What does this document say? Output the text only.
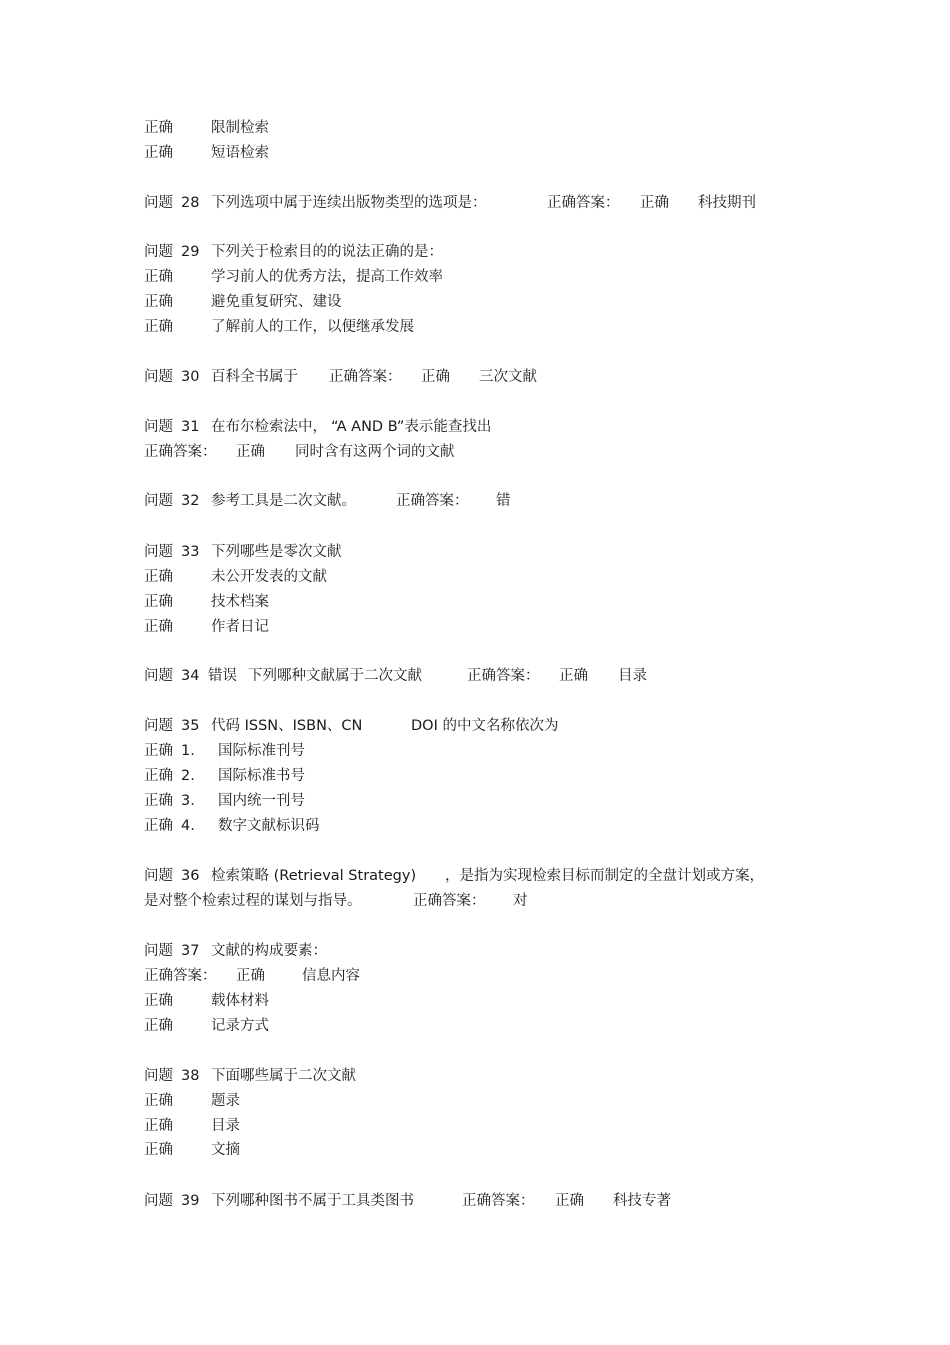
正确	限制检索
正确	短语检索
问题 28 下列选项中属于连续出版物类型的选项是：	正确答案： 正确 科技期刊
问题 29 下列关于检索目的的说法正确的是：
正确	学习前人的优秀方法，提高工作效率
正确	避免重复研究、建设
正确	了解前人的工作，以便继承发展
问题 30 百科全书属于 正确答案： 正确 三次文献
问题 31 在布尔检索法中， “A AND B”表示能查找出
正确答案： 正确 同时含有这两个词的文献
问题 32 参考工具是二次文献。	正确答案： 错
问题 33 下列哪些是零次文献
正确	未公开发表的文献
正确	技术档案
正确	作者日记
问题 34 错误 下列哪种文献属于二次文献	正确答案： 正确 目录
问题 35 代码 ISSN、ISBN、CN	DOI 的中文名称依次为
正确 1. 国际标准刊号
正确 2. 国际标准书号
正确 3. 国内统一刊号
正确 4. 数字文献标识码
问题 36 检索策略 (Retrieval Strategy) ，是指为实现检索目标而制定的全盘计划或方案，
是对整个检索过程的谋划与指导。	正确答案： 对
问题 37 文献的构成要素：
正确答案： 正确	信息内容
正确	载体材料
正确	记录方式
问题 38 下面哪些属于二次文献
正确	题录
正确	目录
正确	文摘
问题 39 下列哪种图书不属于工具类图书	正确答案： 正确 科技专著
